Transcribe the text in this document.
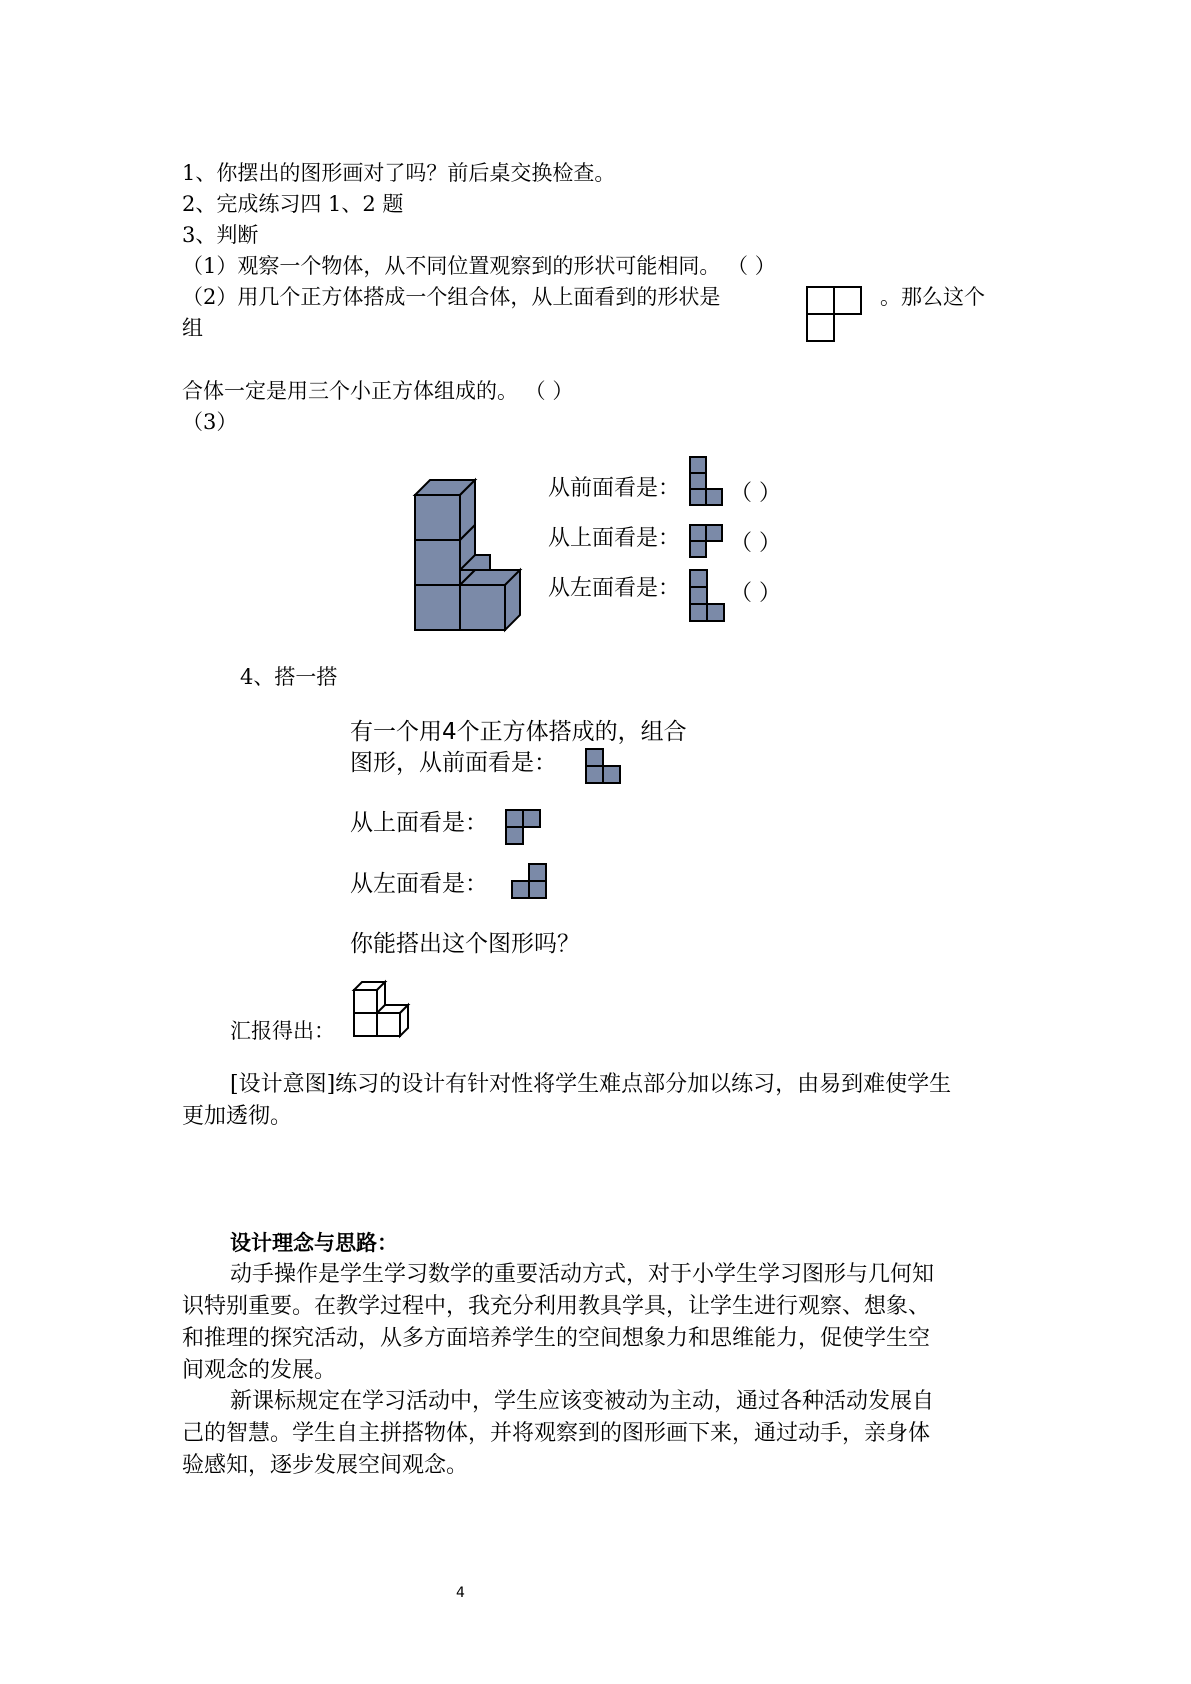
1、你摆出的图形画对了吗？前后桌交换检查。
2、完成练习四 1、2 题
3、判断
（1）观察一个物体，从不同位置观察到的形状可能相同。 （ ）
（2）用几个正方体搭成一个组合体，从上面看到的形状是	。那么这个
组
合体一定是用三个小正方体组成的。 （ ）
（3）
从前面看是： （ ）
从上面看是： （ ）
从左面看是： （ ）
4、搭一搭
有一个用4个正方体搭成的，组合
图形，从前面看是：
从上面看是：
从左面看是：
你能搭出这个图形吗？
汇报得出：
[设计意图]练习的设计有针对性将学生难点部分加以练习，由易到难使学生
更加透彻。
设计理念与思路：
动手操作是学生学习数学的重要活动方式，对于小学生学习图形与几何知
识特别重要。在教学过程中，我充分利用教具学具，让学生进行观察、想象、
和推理的探究活动，从多方面培养学生的空间想象力和思维能力，促使学生空
间观念的发展。
新课标规定在学习活动中，学生应该变被动为主动，通过各种活动发展自
己的智慧。学生自主拼搭物体，并将观察到的图形画下来，通过动手，亲身体
验感知，逐步发展空间观念。
4
